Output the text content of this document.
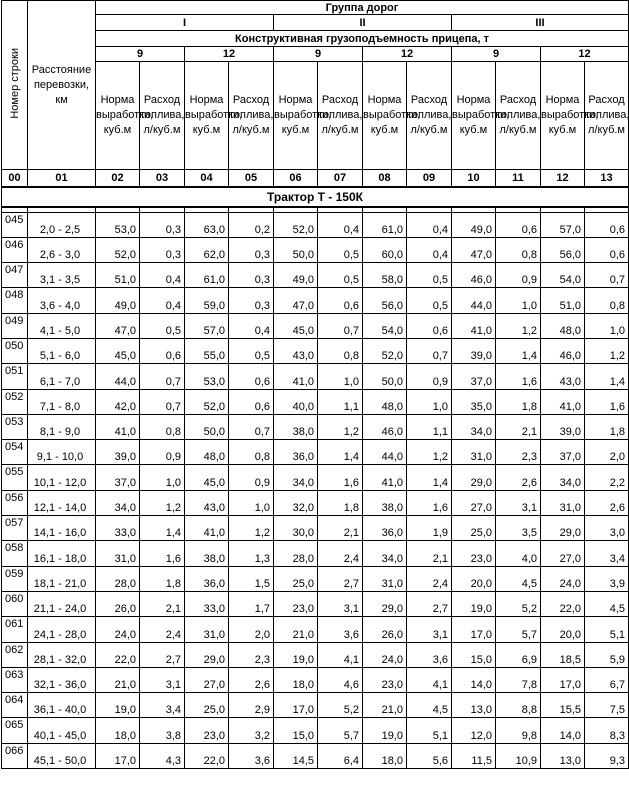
Номер строки	Расстояние перевозки, км	Группа дорог											
		I				II				III			
		Конструктивная грузоподъемность прицепа, т											
		9		12		9		12		9		12	
		Норма выработки, куб.м	Расход топлива, л/куб.м	Норма выработки, куб.м	Расход топлива, л/куб.м	Норма выработки, куб.м	Расход топлива, л/куб.м	Норма выработки, куб.м	Расход топлива, л/куб.м	Норма выработки, куб.м	Расход топлива, л/куб.м	Норма выработки, куб.м	Расход топлива, л/куб.м
00	01	02	03	04	05	06	07	08	09	10	11	12	13
Трактор Т - 150К													

045	2,0 - 2,5	53,0	0,3	63,0	0,2	52,0	0,4	61,0	0,4	49,0	0,6	57,0	0,6
046	2,6 - 3,0	52,0	0,3	62,0	0,3	50,0	0,5	60,0	0,4	47,0	0,8	56,0	0,6
047	3,1 - 3,5	51,0	0,4	61,0	0,3	49,0	0,5	58,0	0,5	46,0	0,9	54,0	0,7
048	3,6 - 4,0	49,0	0,4	59,0	0,3	47,0	0,6	56,0	0,5	44,0	1,0	51,0	0,8
049	4,1 - 5,0	47,0	0,5	57,0	0,4	45,0	0,7	54,0	0,6	41,0	1,2	48,0	1,0
050	5,1 - 6,0	45,0	0,6	55,0	0,5	43,0	0,8	52,0	0,7	39,0	1,4	46,0	1,2
051	6,1 - 7,0	44,0	0,7	53,0	0,6	41,0	1,0	50,0	0,9	37,0	1,6	43,0	1,4
052	7,1 - 8,0	42,0	0,7	52,0	0,6	40,0	1,1	48,0	1,0	35,0	1,8	41,0	1,6
053	8,1 - 9,0	41,0	0,8	50,0	0,7	38,0	1,2	46,0	1,1	34,0	2,1	39,0	1,8
054	9,1 - 10,0	39,0	0,9	48,0	0,8	36,0	1,4	44,0	1,2	31,0	2,3	37,0	2,0
055	10,1 - 12,0	37,0	1,0	45,0	0,9	34,0	1,6	41,0	1,4	29,0	2,6	34,0	2,2
056	12,1 - 14,0	34,0	1,2	43,0	1,0	32,0	1,8	38,0	1,6	27,0	3,1	31,0	2,6
057	14,1 - 16,0	33,0	1,4	41,0	1,2	30,0	2,1	36,0	1,9	25,0	3,5	29,0	3,0
058	16,1 - 18,0	31,0	1,6	38,0	1,3	28,0	2,4	34,0	2,1	23,0	4,0	27,0	3,4
059	18,1 - 21,0	28,0	1,8	36,0	1,5	25,0	2,7	31,0	2,4	20,0	4,5	24,0	3,9
060	21,1 - 24,0	26,0	2,1	33,0	1,7	23,0	3,1	29,0	2,7	19,0	5,2	22,0	4,5
061	24,1 - 28,0	24,0	2,4	31,0	2,0	21,0	3,6	26,0	3,1	17,0	5,7	20,0	5,1
062	28,1 - 32,0	22,0	2,7	29,0	2,3	19,0	4,1	24,0	3,6	15,0	6,9	18,5	5,9
063	32,1 - 36,0	21,0	3,1	27,0	2,6	18,0	4,6	23,0	4,1	14,0	7,8	17,0	6,7
064	36,1 - 40,0	19,0	3,4	25,0	2,9	17,0	5,2	21,0	4,5	13,0	8,8	15,5	7,5
065	40,1 - 45,0	18,0	3,8	23,0	3,2	15,0	5,7	19,0	5,1	12,0	9,8	14,0	8,3
066	45,1 - 50,0	17,0	4,3	22,0	3,6	14,5	6,4	18,0	5,6	11,5	10,9	13,0	9,3
